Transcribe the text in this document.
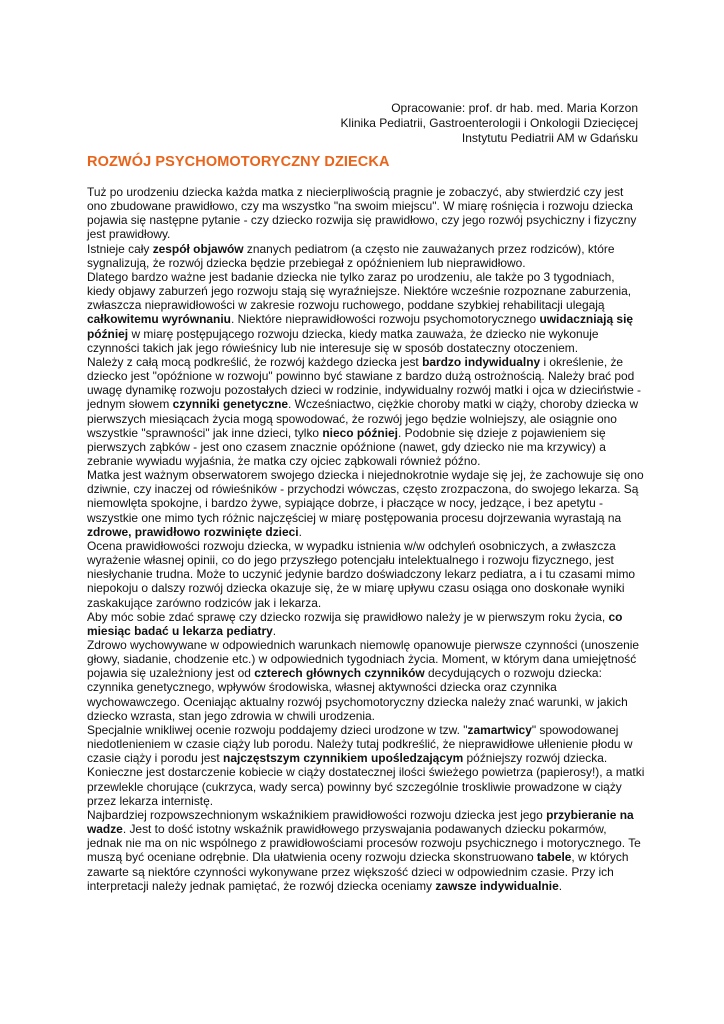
Opracowanie: prof. dr hab. med. Maria Korzon
Klinika Pediatrii, Gastroenterologii i Onkologii Dziecięcej
Instytutu Pediatrii AM w Gdańsku
ROZWÓJ PSYCHOMOTORYCZNY DZIECKA

Tuż po urodzeniu dziecka każda matka z niecierpliwością pragnie je zobaczyć, aby stwierdzić czy jest ono zbudowane prawidłowo, czy ma wszystko "na swoim miejscu". W miarę rośnięcia i rozwoju dziecka pojawia się następne pytanie - czy dziecko rozwija się prawidłowo, czy jego rozwój psychiczny i fizyczny jest prawidłowy.

Istnieje cały zespół objawów znanych pediatrom (a często nie zauważanych przez rodziców), które sygnalizują, że rozwój dziecka będzie przebiegał z opóźnieniem lub nieprawidłowo.

Dlatego bardzo ważne jest badanie dziecka nie tylko zaraz po urodzeniu, ale także po 3 tygodniach, kiedy objawy zaburzeń jego rozwoju stają się wyraźniejsze. Niektóre wcześnie rozpoznane zaburzenia, zwłaszcza nieprawidłowości w zakresie rozwoju ruchowego, poddane szybkiej rehabilitacji ulegają całkowitemu wyrównaniu. Niektóre nieprawidłowości rozwoju psychomotorycznego uwidaczniają się później w miarę postępującego rozwoju dziecka, kiedy matka zauważa, że dziecko nie wykonuje czynności takich jak jego rówieśnicy lub nie interesuje się w sposób dostateczny otoczeniem.

Należy z całą mocą podkreślić, że rozwój każdego dziecka jest bardzo indywidualny i określenie, że dziecko jest "opóźnione w rozwoju" powinno być stawiane z bardzo dużą ostrożnością. Należy brać pod uwagę dynamikę rozwoju pozostałych dzieci w rodzinie, indywidualny rozwój matki i ojca w dzieciństwie - jednym słowem czynniki genetyczne. Wcześniactwo, ciężkie choroby matki w ciąży, choroby dziecka w pierwszych miesiącach życia mogą spowodować, że rozwój jego będzie wolniejszy, ale osiągnie ono wszystkie "sprawności" jak inne dzieci, tylko nieco później. Podobnie się dzieje z pojawieniem się pierwszych ząbków - jest ono czasem znacznie opóźnione (nawet, gdy dziecko nie ma krzywicy) a zebranie wywiadu wyjaśnia, że matka czy ojciec ząbkowali również późno.

Matka jest ważnym obserwatorem swojego dziecka i niejednokrotnie wydaje się jej, że zachowuje się ono dziwnie, czy inaczej od rówieśników - przychodzi wówczas, często zrozpaczona, do swojego lekarza. Są niemowlęta spokojne, i bardzo żywe, sypiające dobrze, i płaczące w nocy, jedzące, i bez apetytu - wszystkie one mimo tych różnic najczęściej w miarę postępowania procesu dojrzewania wyrastają na zdrowe, prawidłowo rozwinięte dzieci.

Ocena prawidłowości rozwoju dziecka, w wypadku istnienia w/w odchyleń osobniczych, a zwłaszcza wyrażenie własnej opinii, co do jego przyszłego potencjału intelektualnego i rozwoju fizycznego, jest niesłychanie trudna. Może to uczynić jedynie bardzo doświadczony lekarz pediatra, a i tu czasami mimo niepokoju o dalszy rozwój dziecka okazuje się, że w miarę upływu czasu osiąga ono doskonałe wyniki zaskakujące zarówno rodziców jak i lekarza.

Aby móc sobie zdać sprawę czy dziecko rozwija się prawidłowo należy je w pierwszym roku życia, co miesiąc badać u lekarza pediatry.

Zdrowo wychowywane w odpowiednich warunkach niemowlę opanowuje pierwsze czynności (unoszenie głowy, siadanie, chodzenie etc.) w odpowiednich tygodniach życia. Moment, w którym dana umiejętność pojawia się uzależniony jest od czterech głównych czynników decydujących o rozwoju dziecka: czynnika genetycznego, wpływów środowiska, własnej aktywności dziecka oraz czynnika wychowawczego. Oceniając aktualny rozwój psychomotoryczny dziecka należy znać warunki, w jakich dziecko wzrasta, stan jego zdrowia w chwili urodzenia.

Specjalnie wnikliwej ocenie rozwoju poddajemy dzieci urodzone w tzw. "zamartwicy" spowodowanej niedotlenieniem w czasie ciąży lub porodu. Należy tutaj podkreślić, że nieprawidłowe ułlenienie płodu w czasie ciąży i porodu jest najczęstszym czynnikiem upośledzającym późniejszy rozwój dziecka. Konieczne jest dostarczenie kobiecie w ciąży dostatecznej ilości świeżego powietrza (papierosy!), a matki przewlekle chorujące (cukrzyca, wady serca) powinny być szczególnie troskliwie prowadzone w ciąży przez lekarza internistę.

Najbardziej rozpowszechnionym wskaźnikiem prawidłowości rozwoju dziecka jest jego przybieranie na wadze. Jest to dość istotny wskaźnik prawidłowego przyswajania podawanych dziecku pokarmów, jednak nie ma on nic wspólnego z prawidłowościami procesów rozwoju psychicznego i motorycznego. Te muszą być oceniane odrębnie. Dla ułatwienia oceny rozwoju dziecka skonstruowano tabele, w których zawarte są niektóre czynności wykonywane przez większość dzieci w odpowiednim czasie. Przy ich interpretacji należy jednak pamiętać, że rozwój dziecka oceniamy zawsze indywidualnie.
